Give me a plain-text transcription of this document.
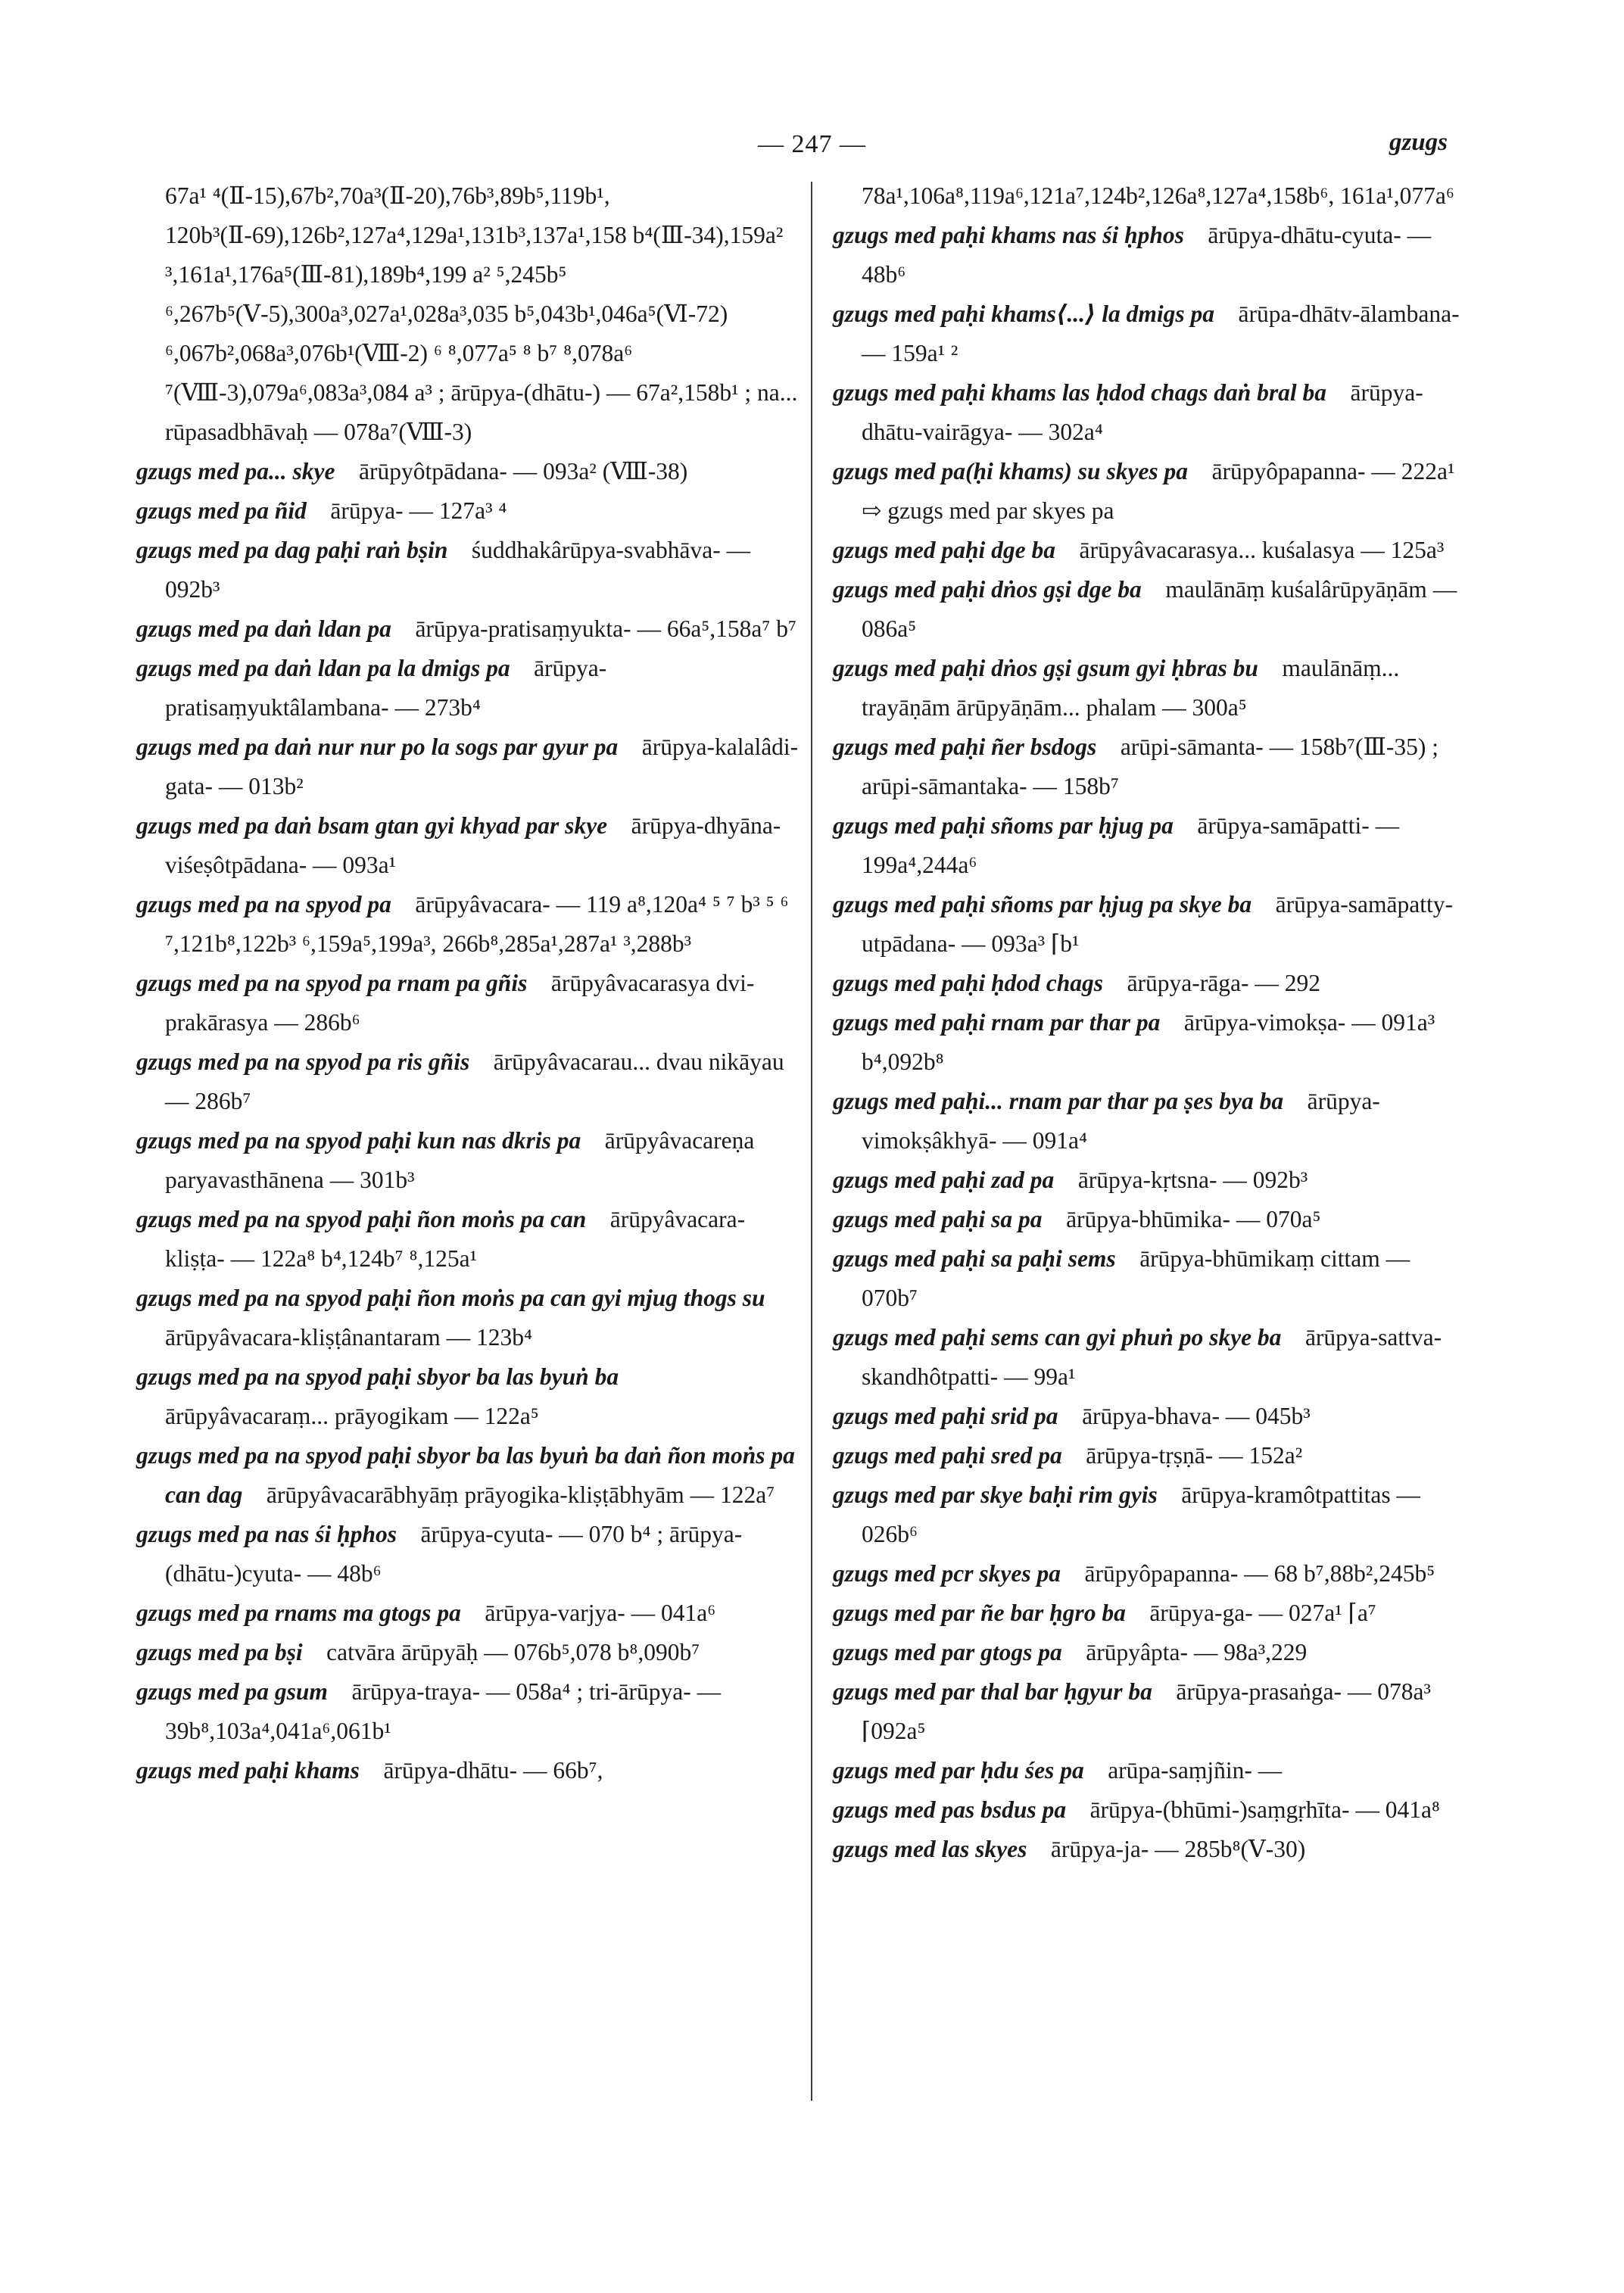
— 247 —	gzugs

67a¹ ⁴(Ⅱ-15),67b²,70a³(Ⅱ-20),76b³,89b⁵,119b¹, 120b³(Ⅱ-69),126b²,127a⁴,129a¹,131b³,137a¹,158 b⁴(Ⅲ-34),159a² ³,161a¹,176a⁵(Ⅲ-81),189b⁴,199 a² ⁵,245b⁵ ⁶,267b⁵(Ⅴ-5),300a³,027a¹,028a³,035 b⁵,043b¹,046a⁵(Ⅵ-72) ⁶,067b²,068a³,076b¹(Ⅷ-2) ⁶ ⁸,077a⁵ ⁸ b⁷ ⁸,078a⁶ ⁷(Ⅷ-3),079a⁶,083a³,084 a³ ; ārūpya-(dhātu-) — 67a²,158b¹ ; na... rūpasadbhāvaḥ — 078a⁷(Ⅷ-3)

gzugs med pa... skye  ārūpyôtpādana- — 093a² (Ⅷ-38)

gzugs med pa ñid  ārūpya- — 127a³ ⁴

gzugs med pa dag paḥi raṅ bṣin  śuddhakârūpya-svabhāva- — 092b³

gzugs med pa daṅ ldan pa  ārūpya-pratisaṃyukta- — 66a⁵,158a⁷ b⁷

gzugs med pa daṅ ldan pa la dmigs pa  ārūpya-pratisaṃyuktâlambana- — 273b⁴

gzugs med pa daṅ nur nur po la sogs par gyur pa  ārūpya-kalalâdi-gata- — 013b²

gzugs med pa daṅ bsam gtan gyi khyad par skye  ārūpya-dhyāna-viśeṣôtpādana- — 093a¹

gzugs med pa na spyod pa  ārūpyâvacara- — 119 a⁸,120a⁴ ⁵ ⁷ b³ ⁵ ⁶ ⁷,121b⁸,122b³ ⁶,159a⁵,199a³, 266b⁸,285a¹,287a¹ ³,288b³

gzugs med pa na spyod pa rnam pa gñis  ārūpyâvacarasya dvi-prakārasya — 286b⁶

gzugs med pa na spyod pa ris gñis  ārūpyâvacarau... dvau nikāyau — 286b⁷

gzugs med pa na spyod paḥi kun nas dkris pa  ārūpyâvacareṇa paryavasthānena — 301b³

gzugs med pa na spyod paḥi ñon moṅs pa can  ārūpyâvacara- kliṣṭa- — 122a⁸ b⁴,124b⁷ ⁸,125a¹

gzugs med pa na spyod paḥi ñon moṅs pa can gyi mjug thogs su ārūpyâvacara-kliṣṭânantaram — 123b⁴

gzugs med pa na spyod paḥi sbyor ba las byuṅ ba ārūpyâvacaraṃ... prāyogikam — 122a⁵

gzugs med pa na spyod paḥi sbyor ba las byuṅ ba daṅ ñon moṅs pa can dag  ārūpyâvacarābhyāṃ prāyogika-kliṣṭābhyām — 122a⁷

gzugs med pa nas śi ḥphos  ārūpya-cyuta- — 070 b⁴ ; ārūpya-(dhātu-)cyuta- — 48b⁶

gzugs med pa rnams ma gtogs pa  ārūpya-varjya- — 041a⁶

gzugs med pa bṣi  catvāra ārūpyāḥ — 076b⁵,078 b⁸,090b⁷

gzugs med pa gsum  ārūpya-traya- — 058a⁴ ; tri-ārūpya- — 39b⁸,103a⁴,041a⁶,061b¹

gzugs med paḥi khams  ārūpya-dhātu- — 66b⁷,

78a¹,106a⁸,119a⁶,121a⁷,124b²,126a⁸,127a⁴,158b⁶, 161a¹,077a⁶

gzugs med paḥi khams nas śi ḥphos  ārūpya-dhātu-cyuta- — 48b⁶

gzugs med paḥi khams⟨...⟩ la dmigs pa  ārūpa-dhātv-ālambana- — 159a¹ ²

gzugs med paḥi khams las ḥdod chags daṅ bral ba  ārūpya-dhātu-vairāgya- — 302a⁴

gzugs med pa(ḥi khams) su skyes pa  ārūpyôpapanna- — 222a¹ ⇨ gzugs med par skyes pa

gzugs med paḥi dge ba  ārūpyâvacarasya... kuśalasya — 125a³

gzugs med paḥi dṅos gṣi dge ba  maulānāṃ kuśalârūpyāṇām — 086a⁵

gzugs med paḥi dṅos gṣi gsum gyi ḥbras bu  maulānāṃ... trayāṇām ārūpyāṇām... phalam — 300a⁵

gzugs med paḥi ñer bsdogs  arūpi-sāmanta- — 158b⁷(Ⅲ-35) ; arūpi-sāmantaka- — 158b⁷

gzugs med paḥi sñoms par ḥjug pa  ārūpya-samāpatti- — 199a⁴,244a⁶

gzugs med paḥi sñoms par ḥjug pa skye ba  ārūpya-samāpatty-utpādana- — 093a³ ⌈b¹

gzugs med paḥi ḥdod chags  ārūpya-rāga- — 292

gzugs med paḥi rnam par thar pa  ārūpya-vimokṣa- — 091a³ b⁴,092b⁸

gzugs med paḥi... rnam par thar pa ṣes bya ba  ārūpya-vimokṣâkhyā- — 091a⁴

gzugs med paḥi zad pa  ārūpya-kṛtsna- — 092b³

gzugs med paḥi sa pa  ārūpya-bhūmika- — 070a⁵

gzugs med paḥi sa paḥi sems  ārūpya-bhūmikaṃ cittam — 070b⁷

gzugs med paḥi sems can gyi phuṅ po skye ba  ārūpya-sattva-skandhôtpatti- — 99a¹

gzugs med paḥi srid pa  ārūpya-bhava- — 045b³

gzugs med paḥi sred pa  ārūpya-tṛṣṇā- — 152a²

gzugs med par skye baḥi rim gyis  ārūpya-kramôtpattitas — 026b⁶

gzugs med pcr skyes pa  ārūpyôpapanna- — 68 b⁷,88b²,245b⁵

gzugs med par ñe bar ḥgro ba  ārūpya-ga- — 027a¹ ⌈a⁷

gzugs med par gtogs pa  ārūpyâpta- — 98a³,229

gzugs med par thal bar ḥgyur ba  ārūpya-prasaṅga- — 078a³ ⌈092a⁵

gzugs med par ḥdu śes pa  arūpa-saṃjñin- —

gzugs med pas bsdus pa  ārūpya-(bhūmi-)saṃgṛhīta- — 041a⁸

gzugs med las skyes  ārūpya-ja- — 285b⁸(Ⅴ-30)
